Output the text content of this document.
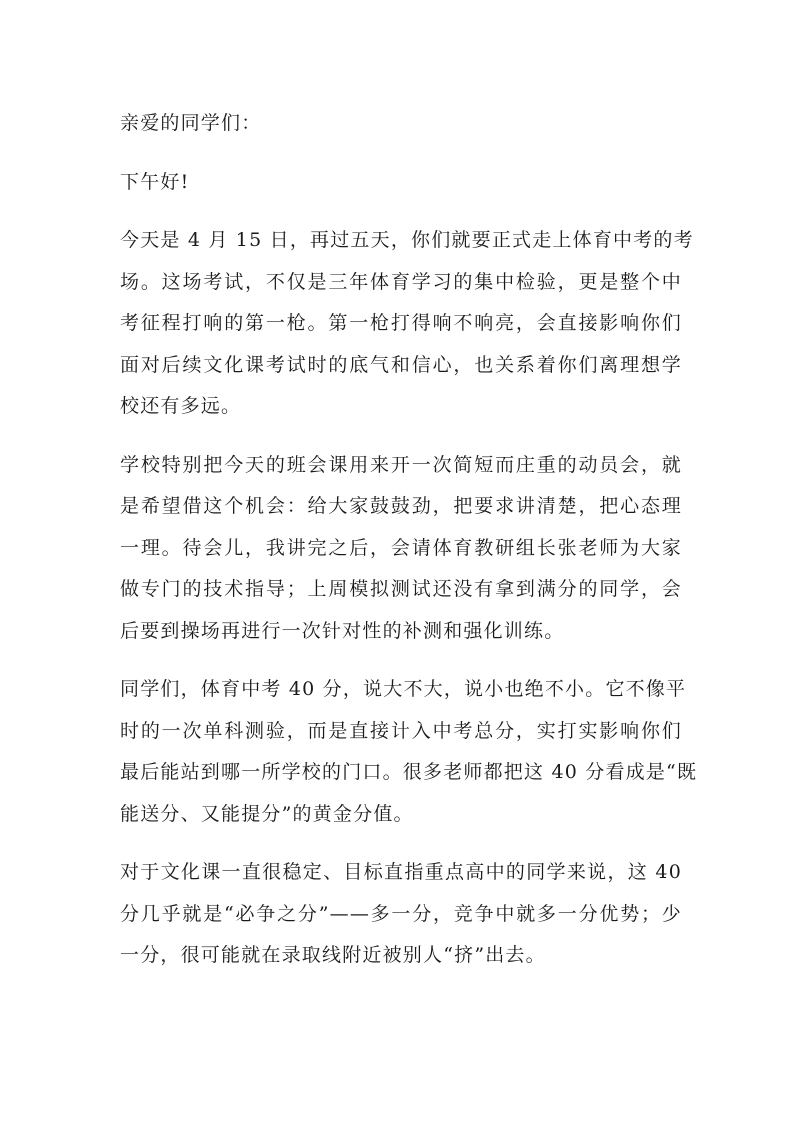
亲爱的同学们：

下午好!

今天是 4 月 15 日，再过五天，你们就要正式走上体育中考的考
场。这场考试，不仅是三年体育学习的集中检验，更是整个中
考征程打响的第一枪。第一枪打得响不响亮，会直接影响你们
面对后续文化课考试时的底气和信心，也关系着你们离理想学
校还有多远。

学校特别把今天的班会课用来开一次简短而庄重的动员会，就
是希望借这个机会：给大家鼓鼓劲，把要求讲清楚，把心态理
一理。待会儿，我讲完之后，会请体育教研组长张老师为大家
做专门的技术指导；上周模拟测试还没有拿到满分的同学，会
后要到操场再进行一次针对性的补测和强化训练。

同学们，体育中考 40 分，说大不大，说小也绝不小。它不像平
时的一次单科测验，而是直接计入中考总分，实打实影响你们
最后能站到哪一所学校的门口。很多老师都把这 40 分看成是“既
能送分、又能提分”的黄金分值。

对于文化课一直很稳定、目标直指重点高中的同学来说，这 40
分几乎就是“必争之分”——多一分，竞争中就多一分优势；少
一分，很可能就在录取线附近被别人“挤”出去。
